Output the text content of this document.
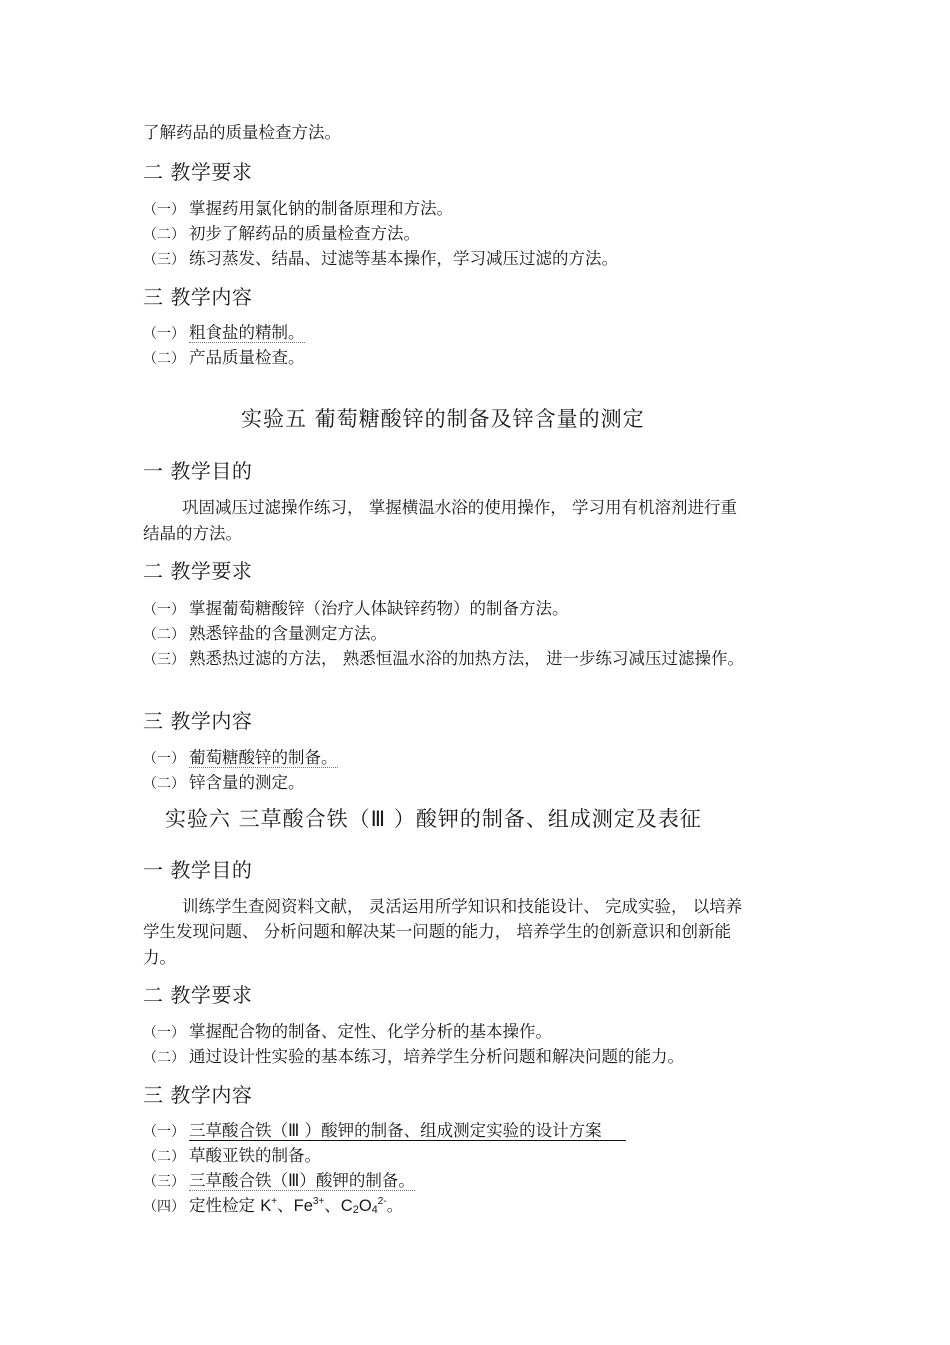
了解药品的质量检查方法。
二 教学要求
（一） 掌握药用氯化钠的制备原理和方法。
（二） 初步了解药品的质量检查方法。
（三） 练习蒸发、结晶、过滤等基本操作，学习减压过滤的方法。
三 教学内容
（一） 粗食盐的精制。
（二） 产品质量检查。
实验五 葡萄糖酸锌的制备及锌含量的测定
一 教学目的
巩固减压过滤操作练习， 掌握横温水浴的使用操作， 学习用有机溶剂进行重
结晶的方法。
二 教学要求
（一） 掌握葡萄糖酸锌（治疗人体缺锌药物）的制备方法。
（二） 熟悉锌盐的含量测定方法。
（三） 熟悉热过滤的方法， 熟悉恒温水浴的加热方法， 进一步练习减压过滤操作。
三 教学内容
（一） 葡萄糖酸锌的制备。
（二） 锌含量的测定。
实验六 三草酸合铁（Ⅲ ）酸钾的制备、组成测定及表征
一 教学目的
训练学生查阅资料文献， 灵活运用所学知识和技能设计、 完成实验， 以培养
学生发现问题、 分析问题和解决某一问题的能力， 培养学生的创新意识和创新能
力。
二 教学要求
（一） 掌握配合物的制备、定性、化学分析的基本操作。
（二） 通过设计性实验的基本练习，培养学生分析问题和解决问题的能力。
三 教学内容
（一） 三草酸合铁（Ⅲ ）酸钾的制备、组成测定实验的设计方案
（二） 草酸亚铁的制备。
（三） 三草酸合铁（Ⅲ）酸钾的制备。
（四） 定性检定 K+、$Fe^{3+}$、$C2O4^{2-}$。
